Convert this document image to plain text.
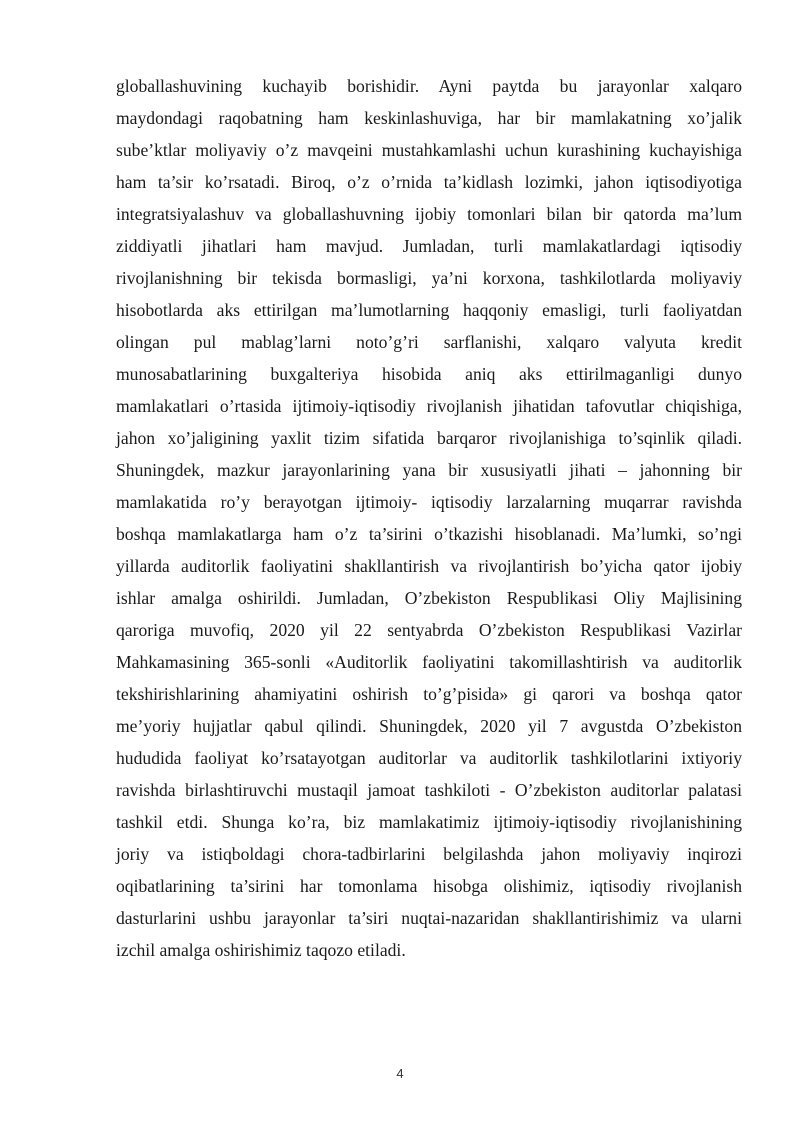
globallashuvining kuchayib borishidir. Ayni paytda bu jarayonlar xalqaro
maydondagi raqobatning ham keskinlashuviga, har bir mamlakatning xo’jalik
sube’ktlar moliyaviy o’z mavqeini mustahkamlashi uchun kurashining kuchayishiga
ham ta’sir ko’rsatadi. Biroq, o’z o’rnida ta’kidlash lozimki, jahon iqtisodiyotiga
integratsiyalashuv va globallashuvning ijobiy tomonlari bilan bir qatorda ma’lum
ziddiyatli jihatlari ham mavjud. Jumladan, turli mamlakatlardagi iqtisodiy
rivojlanishning bir tekisda bormasligi, ya’ni korxona, tashkilotlarda moliyaviy
hisobotlarda aks ettirilgan ma’lumotlarning haqqoniy emasligi, turli faoliyatdan
olingan pul mablag’larni noto’g’ri sarflanishi, xalqaro valyuta kredit
munosabatlarining buxgalteriya hisobida aniq aks ettirilmaganligi dunyo
mamlakatlari o’rtasida ijtimoiy-iqtisodiy rivojlanish jihatidan tafovutlar chiqishiga,
jahon xo’jaligining yaxlit tizim sifatida barqaror rivojlanishiga to’sqinlik qiladi.
Shuningdek, mazkur jarayonlarining yana bir xususiyatli jihati – jahonning bir
mamlakatida ro’y berayotgan ijtimoiy- iqtisodiy larzalarning muqarrar ravishda
boshqa mamlakatlarga ham o’z ta’sirini o’tkazishi hisoblanadi. Ma’lumki, so’ngi
yillarda auditorlik faoliyatini shakllantirish va rivojlantirish bo’yicha qator ijobiy
ishlar amalga oshirildi. Jumladan, O’zbekiston Respublikasi Oliy Majlisining
qaroriga muvofiq, 2020 yil 22 sentyabrda O’zbekiston Respublikasi Vazirlar
Mahkamasining 365-sonli «Auditorlik faoliyatini takomillashtirish va auditorlik
tekshirishlarining ahamiyatini oshirish to’g’pisida» gi qarori va boshqa qator
me’yoriy hujjatlar qabul qilindi. Shuningdek, 2020 yil 7 avgustda O’zbekiston
hududida faoliyat ko’rsatayotgan auditorlar va auditorlik tashkilotlarini ixtiyoriy
ravishda birlashtiruvchi mustaqil jamoat tashkiloti - O’zbekiston auditorlar palatasi
tashkil etdi. Shunga ko’ra, biz mamlakatimiz ijtimoiy-iqtisodiy rivojlanishining
joriy va istiqboldagi chora-tadbirlarini belgilashda jahon moliyaviy inqirozi
oqibatlarining ta’sirini har tomonlama hisobga olishimiz, iqtisodiy rivojlanish
dasturlarini ushbu jarayonlar ta’siri nuqtai-nazaridan shakllantirishimiz va ularni
izchil amalga oshirishimiz taqozo etiladi.
4
